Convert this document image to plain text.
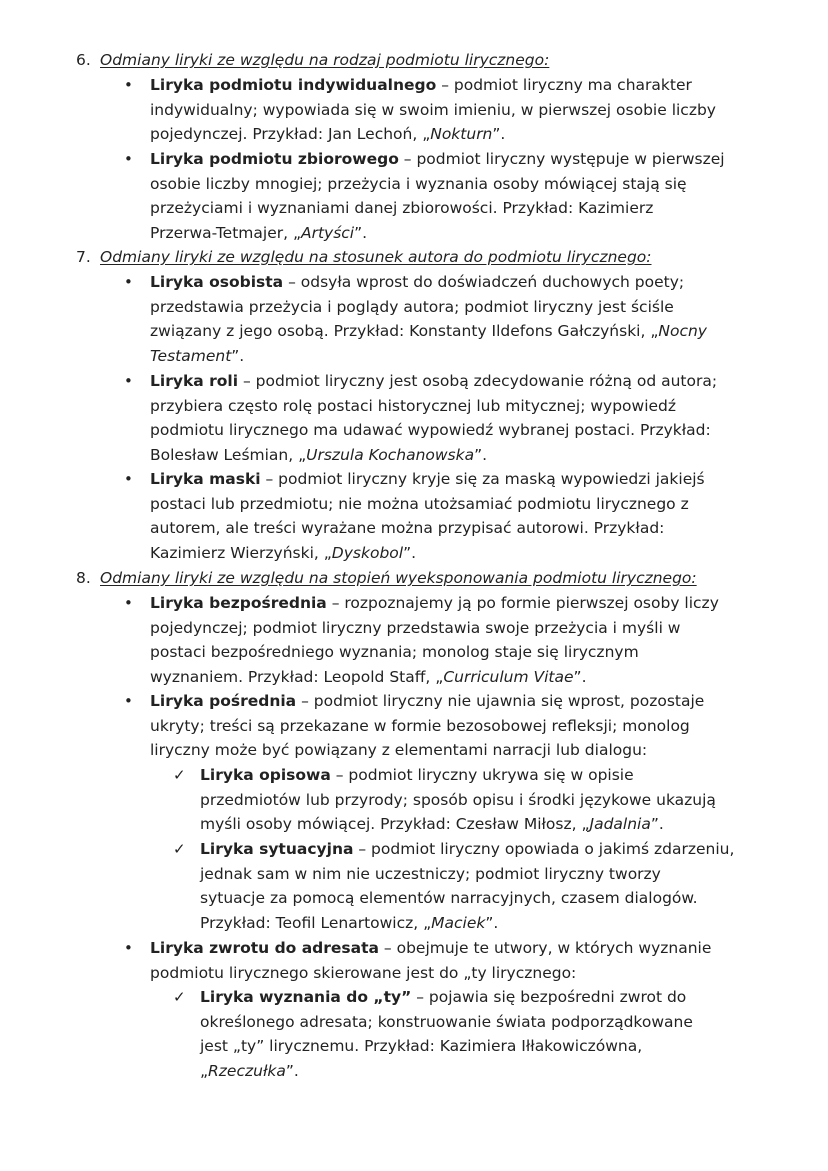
6. Odmiany liryki ze względu na rodzaj podmiotu lirycznego:
• Liryka podmiotu indywidualnego – podmiot liryczny ma charakter
indywidualny; wypowiada się w swoim imieniu, w pierwszej osobie liczby
pojedynczej. Przykład: Jan Lechoń, „Nokturn”.
• Liryka podmiotu zbiorowego – podmiot liryczny występuje w pierwszej
osobie liczby mnogiej; przeżycia i wyznania osoby mówiącej stają się
przeżyciami i wyznaniami danej zbiorowości. Przykład: Kazimierz
Przerwa-Tetmajer, „Artyści”.
7. Odmiany liryki ze względu na stosunek autora do podmiotu lirycznego:
• Liryka osobista – odsyła wprost do doświadczeń duchowych poety;
przedstawia przeżycia i poglądy autora; podmiot liryczny jest ściśle
związany z jego osobą. Przykład: Konstanty Ildefons Gałczyński, „Nocny
Testament”.
• Liryka roli – podmiot liryczny jest osobą zdecydowanie różną od autora;
przybiera często rolę postaci historycznej lub mitycznej; wypowiedź
podmiotu lirycznego ma udawać wypowiedź wybranej postaci. Przykład:
Bolesław Leśmian, „Urszula Kochanowska”.
• Liryka maski – podmiot liryczny kryje się za maską wypowiedzi jakiejś
postaci lub przedmiotu; nie można utożsamiać podmiotu lirycznego z
autorem, ale treści wyrażane można przypisać autorowi. Przykład:
Kazimierz Wierzyński, „Dyskobol”.
8. Odmiany liryki ze względu na stopień wyeksponowania podmiotu lirycznego:
• Liryka bezpośrednia – rozpoznajemy ją po formie pierwszej osoby liczy
pojedynczej; podmiot liryczny przedstawia swoje przeżycia i myśli w
postaci bezpośredniego wyznania; monolog staje się lirycznym
wyznaniem. Przykład: Leopold Staff, „Curriculum Vitae”.
• Liryka pośrednia – podmiot liryczny nie ujawnia się wprost, pozostaje
ukryty; treści są przekazane w formie bezosobowej refleksji; monolog
liryczny może być powiązany z elementami narracji lub dialogu:
✓ Liryka opisowa – podmiot liryczny ukrywa się w opisie
przedmiotów lub przyrody; sposób opisu i środki językowe ukazują
myśli osoby mówiącej. Przykład: Czesław Miłosz, „Jadalnia”.
✓ Liryka sytuacyjna – podmiot liryczny opowiada o jakimś zdarzeniu,
jednak sam w nim nie uczestniczy; podmiot liryczny tworzy
sytuacje za pomocą elementów narracyjnych, czasem dialogów.
Przykład: Teofil Lenartowicz, „Maciek”.
• Liryka zwrotu do adresata – obejmuje te utwory, w których wyznanie
podmiotu lirycznego skierowane jest do „ty lirycznego:
✓ Liryka wyznania do „ty” – pojawia się bezpośredni zwrot do
określonego adresata; konstruowanie świata podporządkowane
jest „ty” lirycznemu. Przykład: Kazimiera Iłłakowiczówna,
„Rzeczułka”.
